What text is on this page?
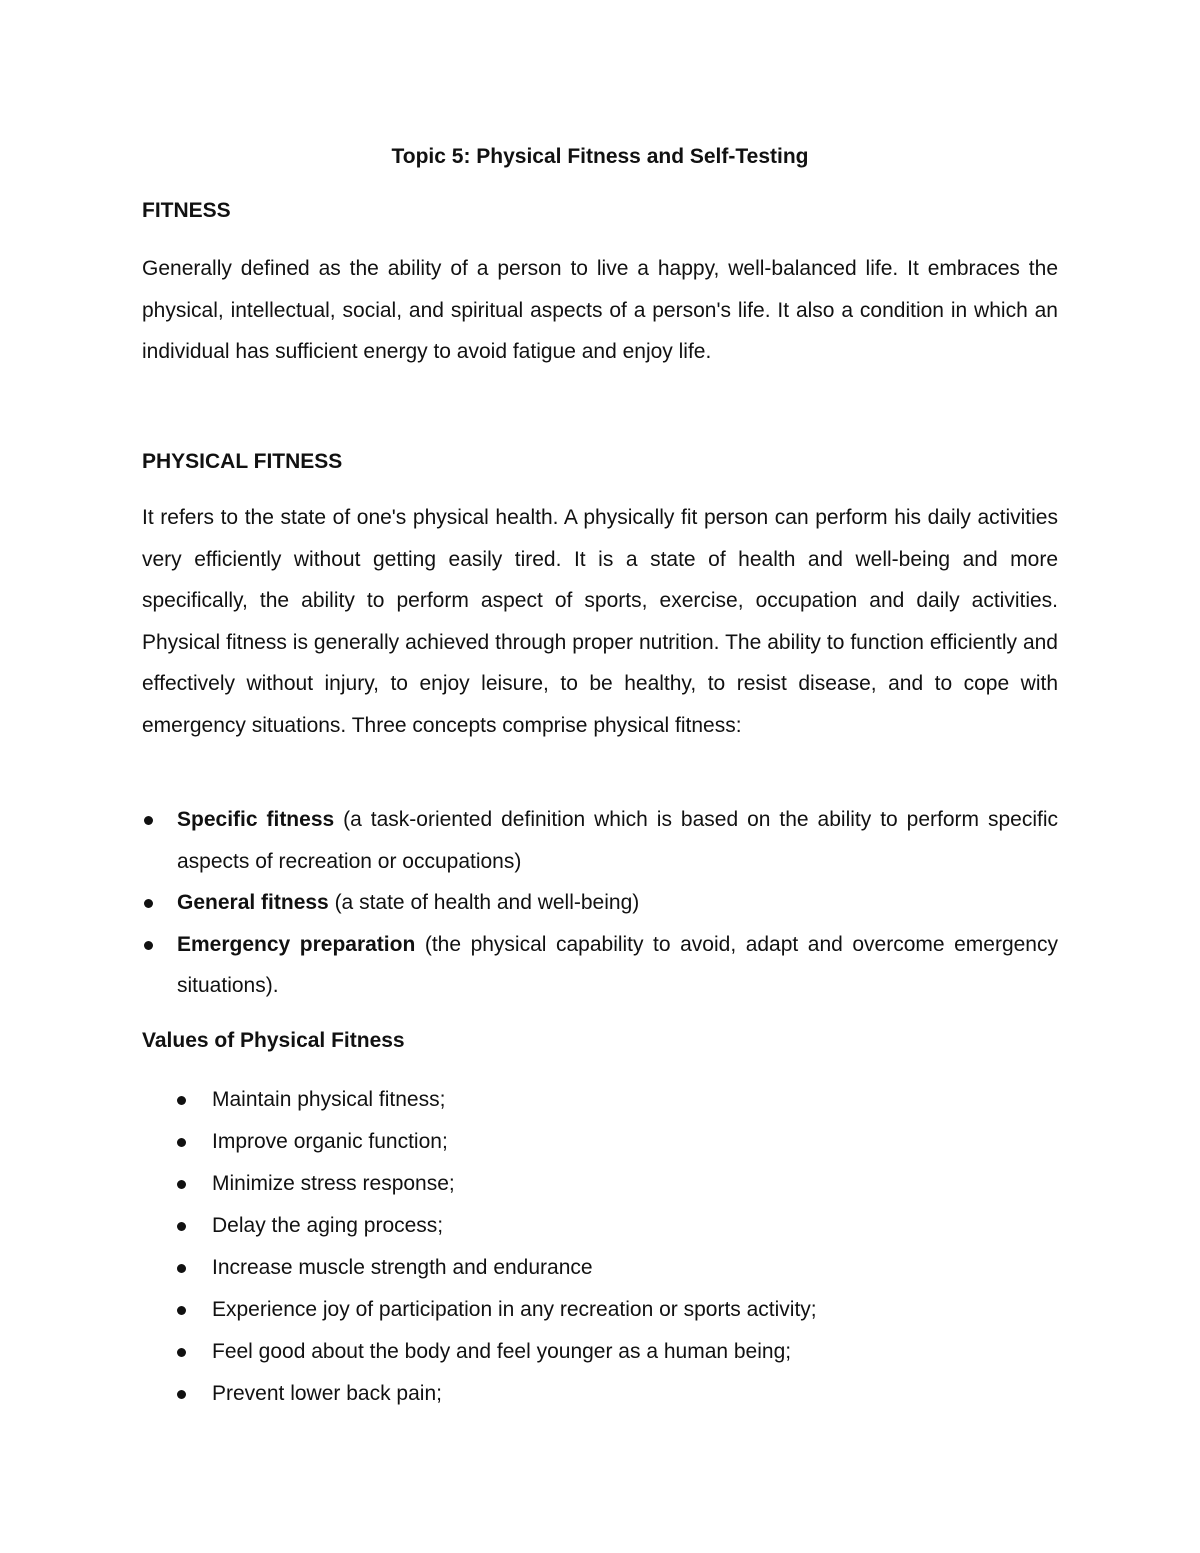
Topic 5: Physical Fitness and Self-Testing
FITNESS

Generally defined as the ability of a person to live a happy, well-balanced life. It embraces the physical, intellectual, social, and spiritual aspects of a person's life. It also a condition in which an individual has sufficient energy to avoid fatigue and enjoy life.

PHYSICAL FITNESS

It refers to the state of one's physical health. A physically fit person can perform his daily activities very efficiently without getting easily tired. It is a state of health and well-being and more specifically, the ability to perform aspect of sports, exercise, occupation and daily activities. Physical fitness is generally achieved through proper nutrition. The ability to function efficiently and effectively without injury, to enjoy leisure, to be healthy, to resist disease, and to cope with emergency situations. Three concepts comprise physical fitness:

Specific fitness (a task-oriented definition which is based on the ability to perform specific aspects of recreation or occupations)
General fitness (a state of health and well-being)
Emergency preparation (the physical capability to avoid, adapt and overcome emergency situations).
Values of Physical Fitness
Maintain physical fitness;
Improve organic function;
Minimize stress response;
Delay the aging process;
Increase muscle strength and endurance
Experience joy of participation in any recreation or sports activity;
Feel good about the body and feel younger as a human being;
Prevent lower back pain;
